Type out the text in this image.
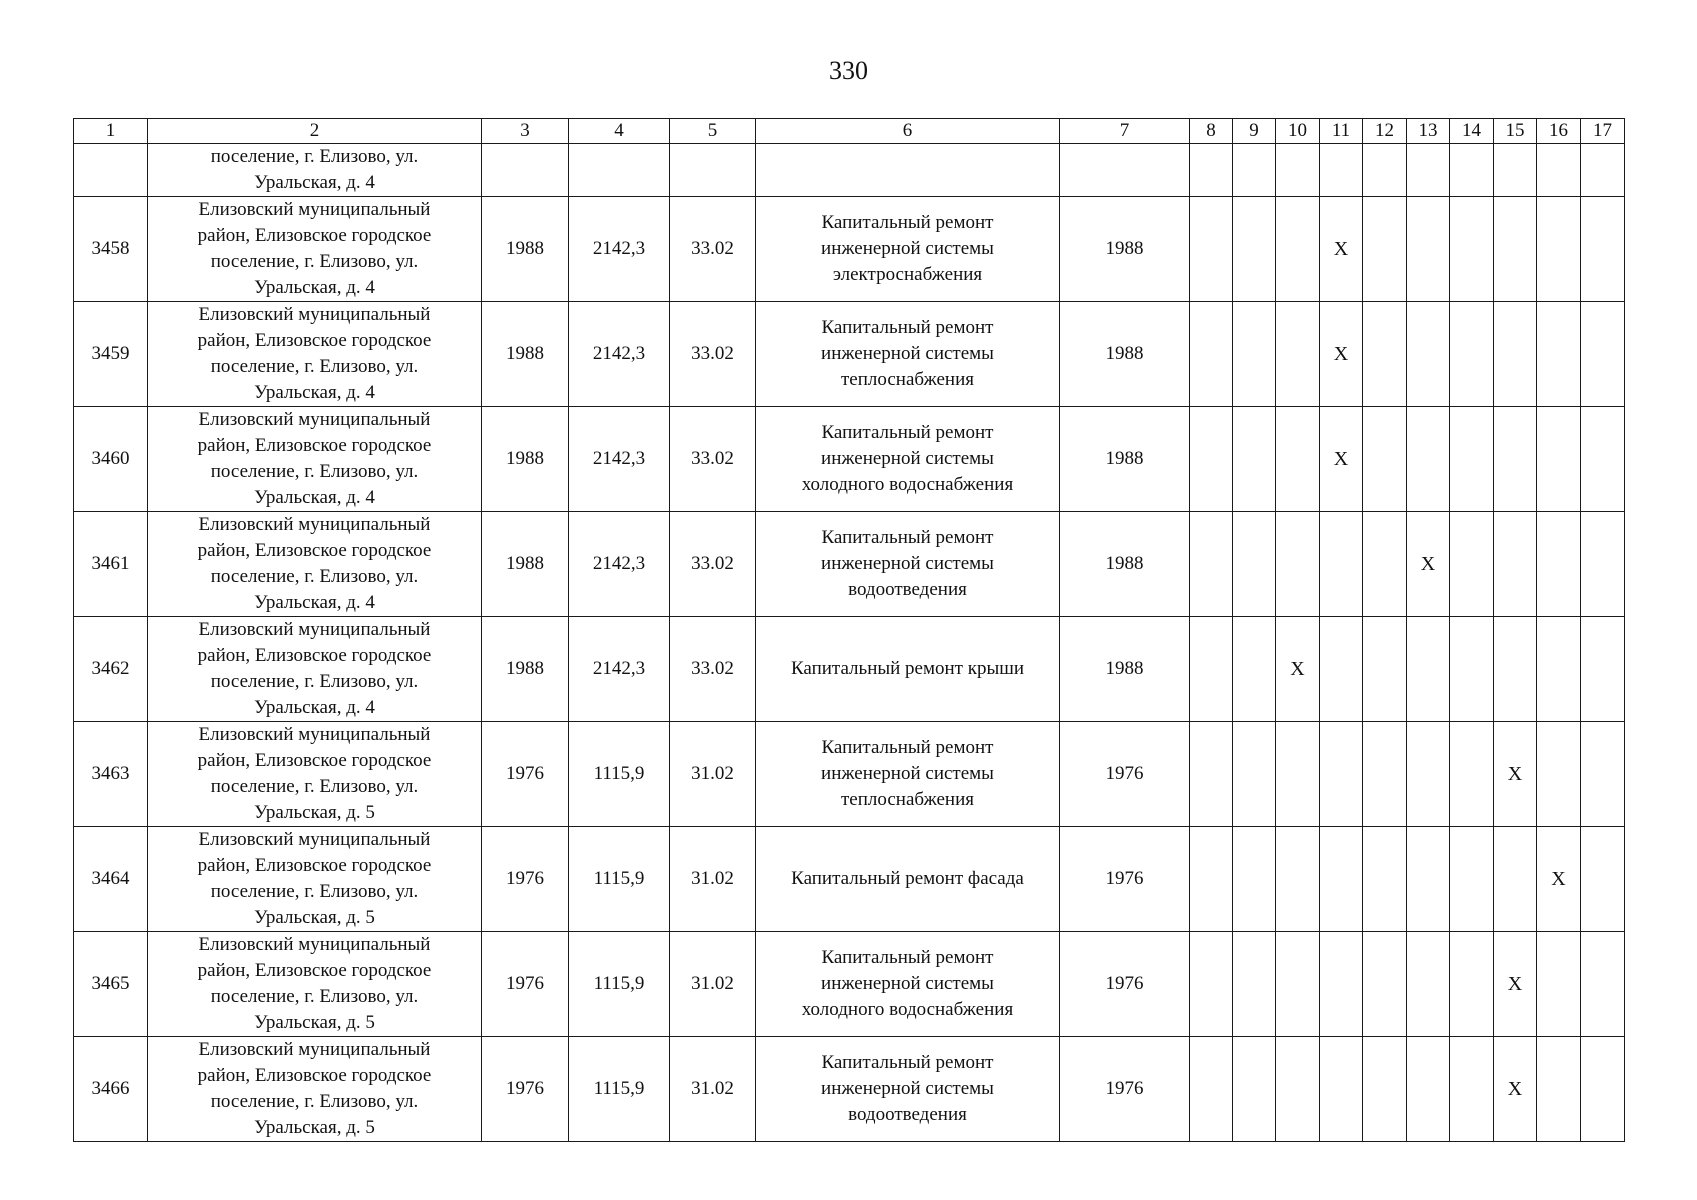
330
1	2	3	4	5	6	7	8	9	10	11	12	13	14	15	16	17
	поселение, г. Елизово, ул.
Уральская, д. 4															
3458	Елизовский муниципальный
район, Елизовское городское
поселение, г. Елизово, ул.
Уральская, д. 4	1988	2142,3	33.02	Капитальный ремонт
инженерной системы
электроснабжения	1988				X						
3459	Елизовский муниципальный
район, Елизовское городское
поселение, г. Елизово, ул.
Уральская, д. 4	1988	2142,3	33.02	Капитальный ремонт
инженерной системы
теплоснабжения	1988				X						
3460	Елизовский муниципальный
район, Елизовское городское
поселение, г. Елизово, ул.
Уральская, д. 4	1988	2142,3	33.02	Капитальный ремонт
инженерной системы
холодного водоснабжения	1988				X						
3461	Елизовский муниципальный
район, Елизовское городское
поселение, г. Елизово, ул.
Уральская, д. 4	1988	2142,3	33.02	Капитальный ремонт
инженерной системы
водоотведения	1988						X				
3462	Елизовский муниципальный
район, Елизовское городское
поселение, г. Елизово, ул.
Уральская, д. 4	1988	2142,3	33.02	Капитальный ремонт крыши	1988			X							
3463	Елизовский муниципальный
район, Елизовское городское
поселение, г. Елизово, ул.
Уральская, д. 5	1976	1115,9	31.02	Капитальный ремонт
инженерной системы
теплоснабжения	1976								X		
3464	Елизовский муниципальный
район, Елизовское городское
поселение, г. Елизово, ул.
Уральская, д. 5	1976	1115,9	31.02	Капитальный ремонт фасада	1976									X	
3465	Елизовский муниципальный
район, Елизовское городское
поселение, г. Елизово, ул.
Уральская, д. 5	1976	1115,9	31.02	Капитальный ремонт
инженерной системы
холодного водоснабжения	1976								X		
3466	Елизовский муниципальный
район, Елизовское городское
поселение, г. Елизово, ул.
Уральская, д. 5	1976	1115,9	31.02	Капитальный ремонт
инженерной системы
водоотведения	1976								X		
